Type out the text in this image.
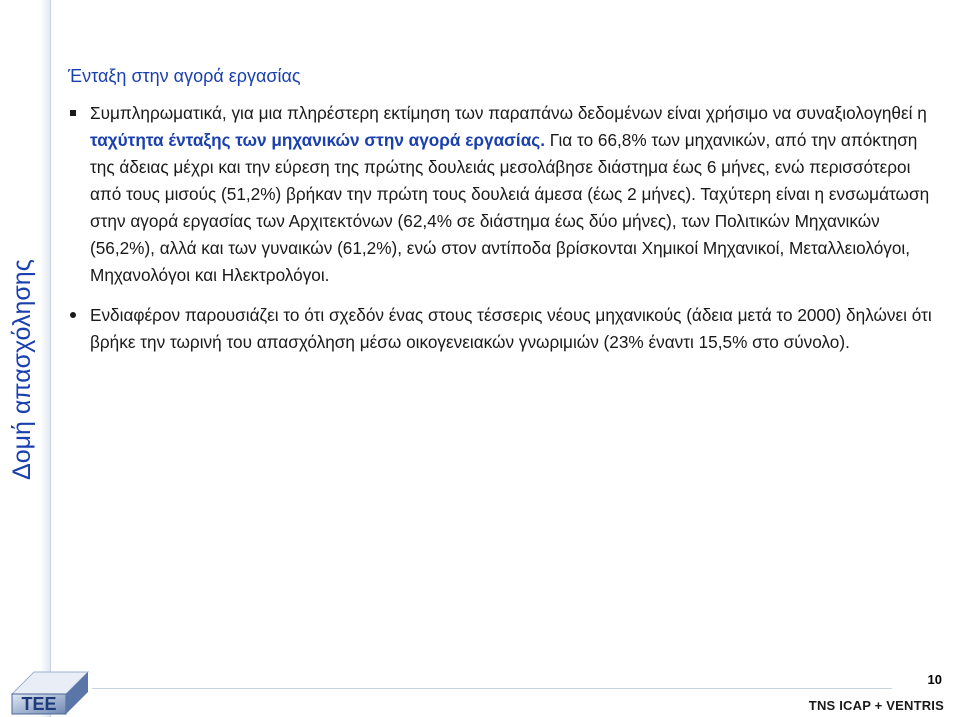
Δομή απασχόλησης
Ένταξη στην αγορά εργασίας
Συμπληρωματικά, για μια πληρέστερη εκτίμηση των παραπάνω δεδομένων είναι χρήσιμο να συναξιολογηθεί η ταχύτητα ένταξης των μηχανικών στην αγορά εργασίας. Για το 66,8% των μηχανικών, από την απόκτηση της άδειας μέχρι και την εύρεση της πρώτης δουλειάς μεσολάβησε διάστημα έως 6 μήνες, ενώ περισσότεροι από τους μισούς (51,2%) βρήκαν την πρώτη τους δουλειά άμεσα (έως 2 μήνες). Ταχύτερη είναι η ενσωμάτωση στην αγορά εργασίας των Αρχιτεκτόνων (62,4% σε διάστημα έως δύο μήνες), των Πολιτικών Μηχανικών (56,2%), αλλά και των γυναικών (61,2%), ενώ στον αντίποδα βρίσκονται Χημικοί Μηχανικοί, Μεταλλειολόγοι, Μηχανολόγοι και Ηλεκτρολόγοι.
Ενδιαφέρον παρουσιάζει το ότι σχεδόν ένας στους τέσσερις νέους μηχανικούς (άδεια μετά το 2000) δηλώνει ότι βρήκε την τωρινή του απασχόληση μέσω οικογενειακών γνωριμιών (23% έναντι 15,5% στο σύνολο).
ΤΕΕ
10
TNS ICAP + VENTRIS
